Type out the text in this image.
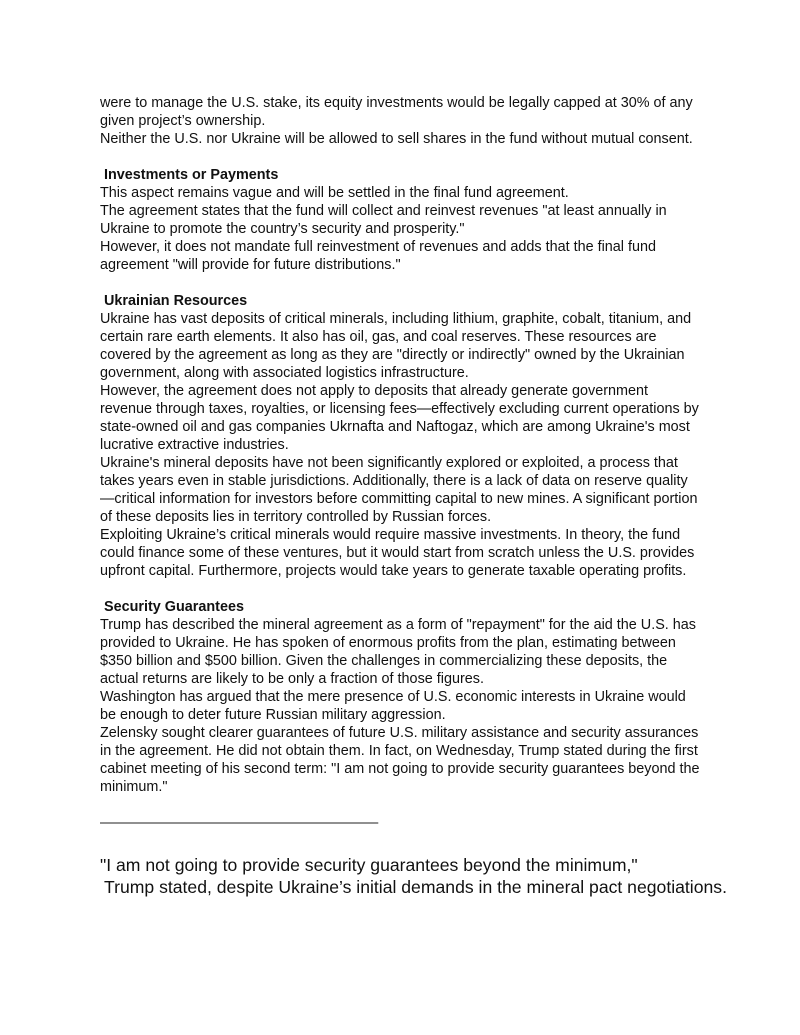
were to manage the U.S. stake, its equity investments would be legally capped at 30% of any given project’s ownership.

Neither the U.S. nor Ukraine will be allowed to sell shares in the fund without mutual consent.

Investments or Payments

This aspect remains vague and will be settled in the final fund agreement.

The agreement states that the fund will collect and reinvest revenues "at least annually in Ukraine to promote the country’s security and prosperity."

However, it does not mandate full reinvestment of revenues and adds that the final fund agreement "will provide for future distributions."

Ukrainian Resources

Ukraine has vast deposits of critical minerals, including lithium, graphite, cobalt, titanium, and certain rare earth elements. It also has oil, gas, and coal reserves. These resources are covered by the agreement as long as they are "directly or indirectly" owned by the Ukrainian government, along with associated logistics infrastructure.

However, the agreement does not apply to deposits that already generate government revenue through taxes, royalties, or licensing fees—effectively excluding current operations by state-owned oil and gas companies Ukrnafta and Naftogaz, which are among Ukraine's most lucrative extractive industries.

Ukraine's mineral deposits have not been significantly explored or exploited, a process that takes years even in stable jurisdictions. Additionally, there is a lack of data on reserve quality—critical information for investors before committing capital to new mines. A significant portion of these deposits lies in territory controlled by Russian forces.

Exploiting Ukraine’s critical minerals would require massive investments. In theory, the fund could finance some of these ventures, but it would start from scratch unless the U.S. provides upfront capital. Furthermore, projects would take years to generate taxable operating profits.

Security Guarantees

Trump has described the mineral agreement as a form of "repayment" for the aid the U.S. has provided to Ukraine. He has spoken of enormous profits from the plan, estimating between $350 billion and $500 billion. Given the challenges in commercializing these deposits, the actual returns are likely to be only a fraction of those figures.

Washington has argued that the mere presence of U.S. economic interests in Ukraine would be enough to deter future Russian military aggression.

Zelensky sought clearer guarantees of future U.S. military assistance and security assurances in the agreement. He did not obtain them. In fact, on Wednesday, Trump stated during the first cabinet meeting of his second term: "I am not going to provide security guarantees beyond the minimum."

————————————————————

"I am not going to provide security guarantees beyond the minimum,"
Trump stated, despite Ukraine’s initial demands in the mineral pact negotiations.
